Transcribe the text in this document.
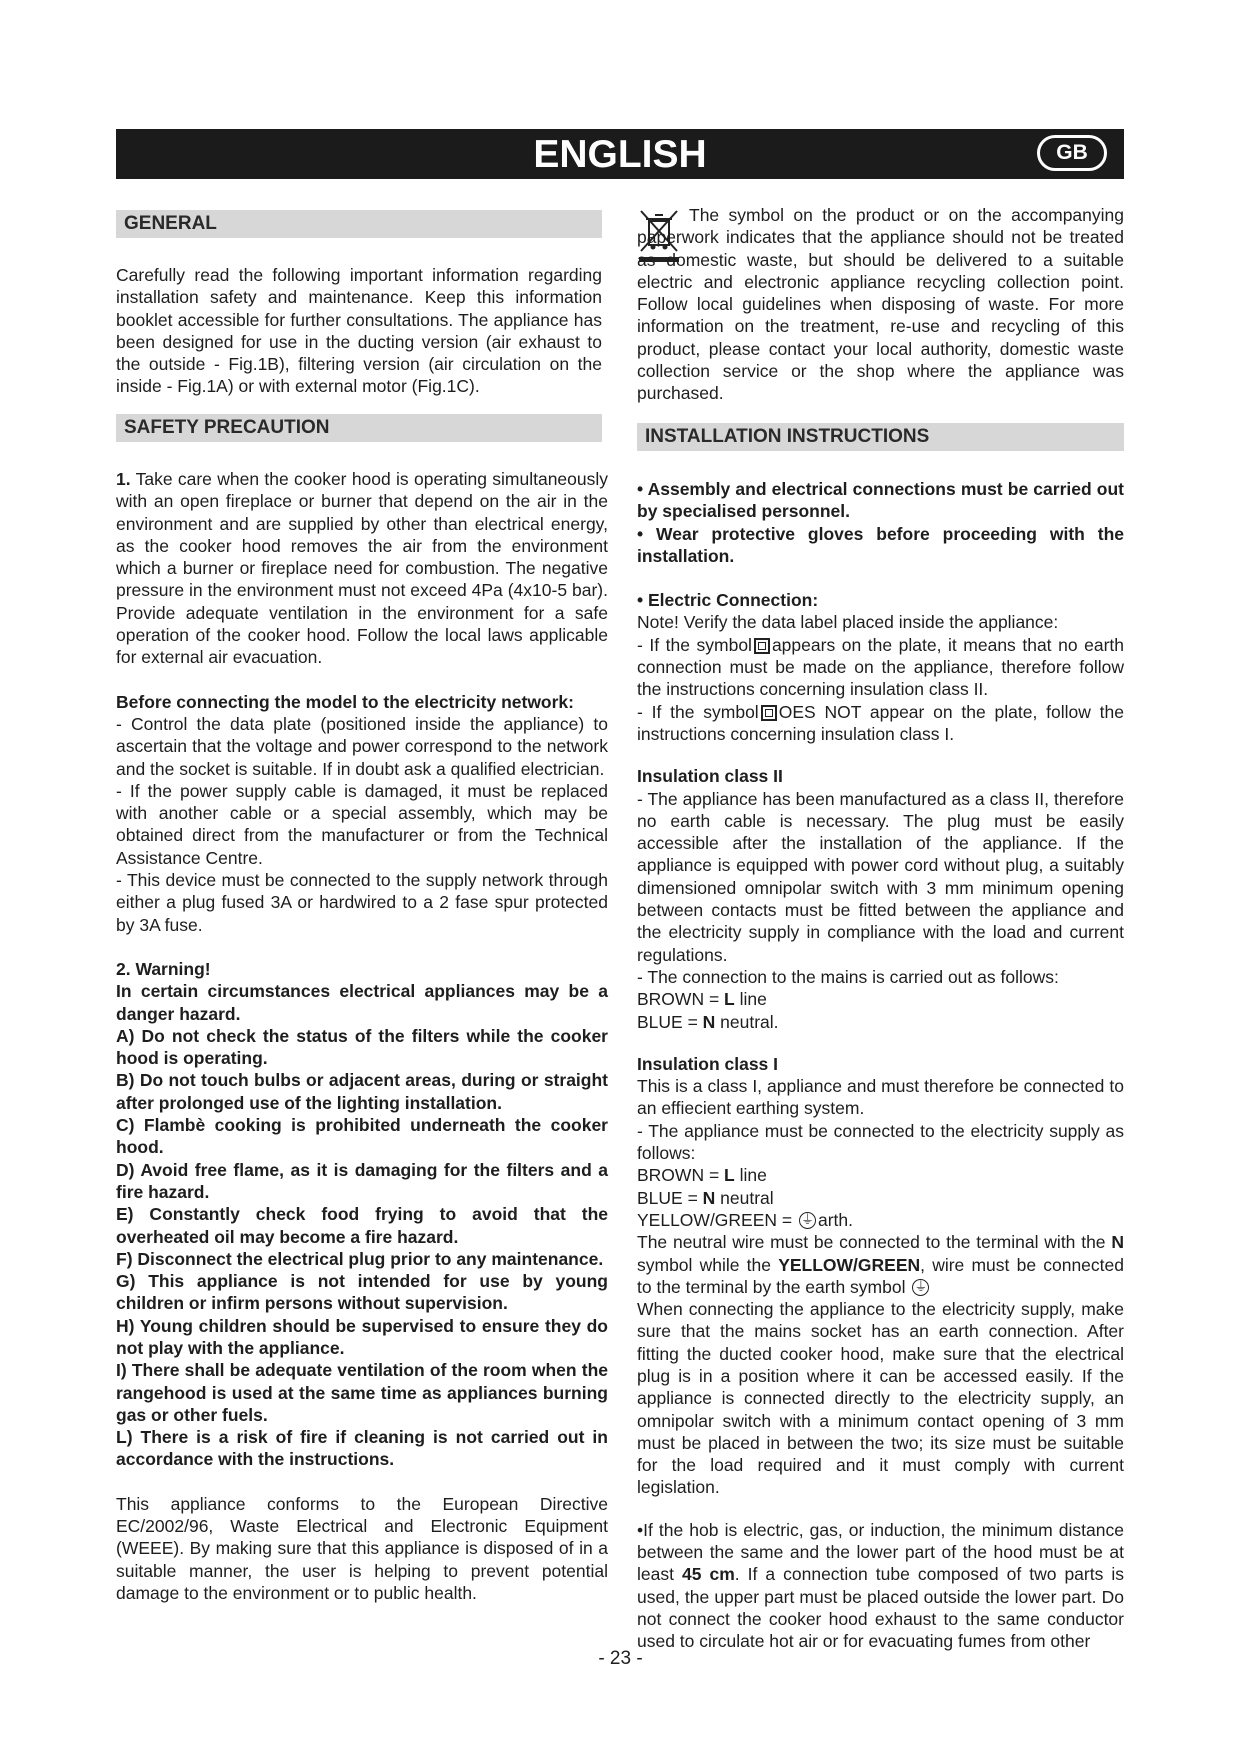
ENGLISH	GB
GENERAL

Carefully read the following important information regarding installation safety and maintenance. Keep this information booklet accessible for further consultations. The appliance has been designed for use in the ducting version (air exhaust to the outside - Fig.1B), filtering version (air circulation on the inside - Fig.1A) or with external motor (Fig.1C).

SAFETY PRECAUTION

1. Take care when the cooker hood is operating simultaneously with an open fireplace or burner that depend on the air in the environment and are supplied by other than electrical energy, as the cooker hood removes the air from the environment which a burner or fireplace need for combustion. The negative pressure in the environment must not exceed 4Pa (4x10-5 bar). Provide adequate ventilation in the environment for a safe operation of the cooker hood. Follow the local laws applicable for external air evacuation.

Before connecting the model to the electricity network:

- Control the data plate (positioned inside the appliance) to ascertain that the voltage and power correspond to the network and the socket is suitable. If in doubt ask a qualified electrician.

- If the power supply cable is damaged, it must be replaced with another cable or a special assembly, which may be obtained direct from the manufacturer or from the Technical Assistance Centre.

- This device must be connected to the supply network through either a plug fused 3A or hardwired to a 2 fase spur protected by 3A fuse.

2. Warning!

In certain circumstances electrical appliances may be a danger hazard.

A) Do not check the status of the filters while the cooker hood is operating.

B) Do not touch bulbs or adjacent areas, during or straight after prolonged use of the lighting installation.

C) Flambè cooking is prohibited underneath the cooker hood.

D) Avoid free flame, as it is damaging for the filters and a fire hazard.

E) Constantly check food frying to avoid that the overheated oil may become a fire hazard.

F) Disconnect the electrical plug prior to any maintenance.

G) This appliance is not intended for use by young children or infirm persons without supervision.

H) Young children should be supervised to ensure they do not play with the appliance.

I) There shall be adequate ventilation of the room when the rangehood is used at the same time as appliances burning gas or other fuels.

L) There is a risk of fire if cleaning is not carried out in accordance with the instructions.

This appliance conforms to the European Directive EC/2002/96, Waste Electrical and Electronic Equipment (WEEE). By making sure that this appliance is disposed of in a suitable manner, the user is helping to prevent potential damage to the environment or to public health.

The symbol on the product or on the accompanying paperwork indicates that the appliance should not be treated as domestic waste, but should be delivered to a suitable electric and electronic appliance recycling collection point. Follow local guidelines when disposing of waste. For more information on the treatment, re-use and recycling of this product, please contact your local authority, domestic waste collection service or the shop where the appliance was purchased.

INSTALLATION INSTRUCTIONS

• Assembly and electrical connections must be carried out by specialised personnel.

• Wear protective gloves before proceeding with the installation.

• Electric Connection:

Note! Verify the data label placed inside the appliance:

- If the symbol appears on the plate, it means that no earth connection must be made on the appliance, therefore follow the instructions concerning insulation class II.

- If the symbol OES NOT appear on the plate, follow the instructions concerning insulation class I.

Insulation class II

- The appliance has been manufactured as a class II, therefore no earth cable is necessary. The plug must be easily accessible after the installation of the appliance. If the appliance is equipped with power cord without plug, a suitably dimensioned omnipolar switch with 3 mm minimum opening between contacts must be fitted between the appliance and the electricity supply in compliance with the load and current regulations.

- The connection to the mains is carried out as follows:

BROWN = L line

BLUE = N neutral.

Insulation class I

This is a class I, appliance and must therefore be connected to an effiecient earthing system.

- The appliance must be connected to the electricity supply as follows:

BROWN = L line

BLUE = N neutral

YELLOW/GREEN = ⏚arth.

The neutral wire must be connected to the terminal with the N symbol while the YELLOW/GREEN, wire must be connected to the terminal by the earth symbol ⏚

When connecting the appliance to the electricity supply, make sure that the mains socket has an earth connection. After fitting the ducted cooker hood, make sure that the electrical plug is in a position where it can be accessed easily. If the appliance is connected directly to the electricity supply, an omnipolar switch with a minimum contact opening of 3 mm must be placed in between the two; its size must be suitable for the load required and it must comply with current legislation.

•If the hob is electric, gas, or induction, the minimum distance between the same and the lower part of the hood must be at least 45 cm. If a connection tube composed of two parts is used, the upper part must be placed outside the lower part. Do not connect the cooker hood exhaust to the same conductor used to circulate hot air or for evacuating fumes from other

- 23 -
